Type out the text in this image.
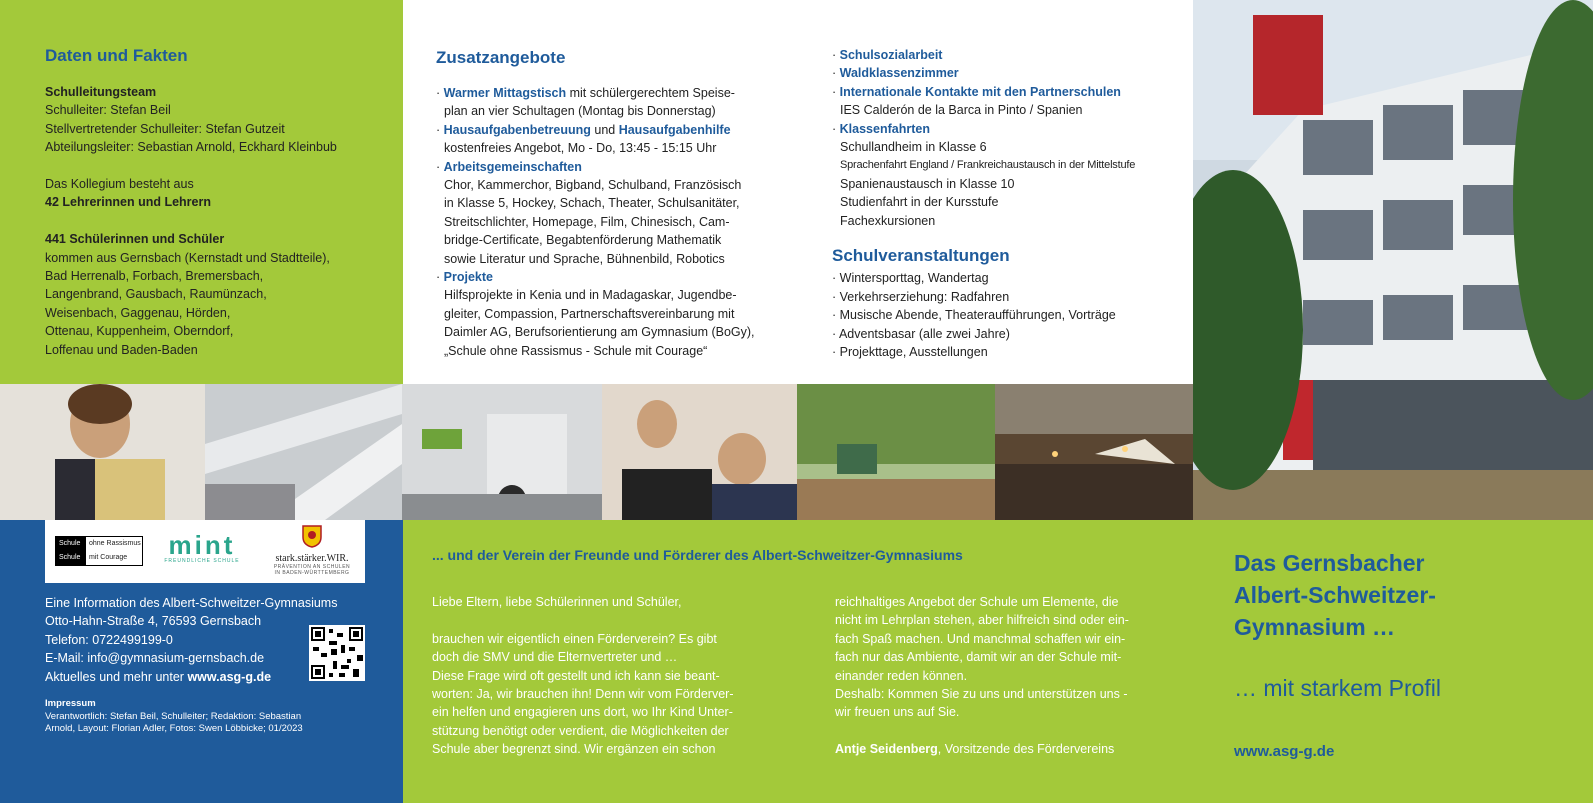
Daten und Fakten
Schulleitungsteam
Schulleiter: Stefan Beil
Stellvertretender Schulleiter: Stefan Gutzeit
Abteilungsleiter: Sebastian Arnold, Eckhard Kleinbub
Das Kollegium besteht aus
42 Lehrerinnen und Lehrern
441 Schülerinnen und Schüler
kommen aus Gernsbach (Kernstadt und Stadtteile),
Bad Herrenalb, Forbach, Bremersbach,
Langenbrand, Gausbach, Raumünzach,
Weisenbach, Gaggenau, Hörden,
Ottenau, Kuppenheim, Oberndorf,
Loffenau und Baden-Baden
Zusatzangebote
· Warmer Mittagstisch mit schülergerechtem Speise-
plan an vier Schultagen (Montag bis Donnerstag)
· Hausaufgabenbetreuung und Hausaufgabenhilfe
kostenfreies Angebot, Mo - Do, 13:45 - 15:15 Uhr
· Arbeitsgemeinschaften
Chor, Kammerchor, Bigband, Schulband, Französisch
in Klasse 5, Hockey, Schach, Theater, Schulsanitäter,
Streitschlichter, Homepage, Film, Chinesisch, Cam-
bridge-Certificate, Begabtenförderung Mathematik
sowie Literatur und Sprache, Bühnenbild, Robotics
· Projekte
Hilfsprojekte in Kenia und in Madagaskar, Jugendbe-
gleiter, Compassion, Partnerschaftsvereinbarung mit
Daimler AG, Berufsorientierung am Gymnasium (BoGy),
„Schule ohne Rassismus - Schule mit Courage“
· Schulsozialarbeit
· Waldklassenzimmer
· Internationale Kontakte mit den Partnerschulen
IES Calderón de la Barca in Pinto / Spanien
· Klassenfahrten
Schullandheim in Klasse 6
Sprachenfahrt England / Frankreichaustausch in der Mittelstufe
Spanienaustausch in Klasse 10
Studienfahrt in der Kursstufe
Fachexkursionen
Schulveranstaltungen
· Wintersporttag, Wandertag
· Verkehrserziehung: Radfahren
· Musische Abende, Theateraufführungen, Vorträge
· Adventsbasar (alle zwei Jahre)
· Projekttage, Ausstellungen
Schule	ohne Rassismus
Schule	mit Courage	mint
FREUNDLICHE SCHULE	stark.stärker.WIR.
PRÄVENTION AN SCHULEN
IN BADEN-WÜRTTEMBERG
Eine Information des Albert-Schweitzer-Gymnasiums
Otto-Hahn-Straße 4, 76593 Gernsbach
Telefon: 0722499199-0
E-Mail: info@gymnasium-gernsbach.de
Aktuelles und mehr unter www.asg-g.de
Impressum
Verantwortlich: Stefan Beil, Schulleiter; Redaktion: Sebastian
Arnold, Layout: Florian Adler, Fotos: Swen Löbbicke; 01/2023
... und der Verein der Freunde und Förderer des Albert-Schweitzer-Gymnasiums
Liebe Eltern, liebe Schülerinnen und Schüler,
brauchen wir eigentlich einen Förderverein? Es gibt
doch die SMV und die Elternvertreter und …
Diese Frage wird oft gestellt und ich kann sie beant-
worten: Ja, wir brauchen ihn! Denn wir vom Förderver-
ein helfen und engagieren uns dort, wo Ihr Kind Unter-
stützung benötigt oder verdient, die Möglichkeiten der
Schule aber begrenzt sind. Wir ergänzen ein schon
reichhaltiges Angebot der Schule um Elemente, die
nicht im Lehrplan stehen, aber hilfreich sind oder ein-
fach Spaß machen. Und manchmal schaffen wir ein-
fach nur das Ambiente, damit wir an der Schule mit-
einander reden können.
Deshalb: Kommen Sie zu uns und unterstützen uns -
wir freuen uns auf Sie.
Antje Seidenberg, Vorsitzende des Fördervereins
Das Gernsbacher
Albert-Schweitzer-
Gymnasium …
… mit starkem Profil
www.asg-g.de
